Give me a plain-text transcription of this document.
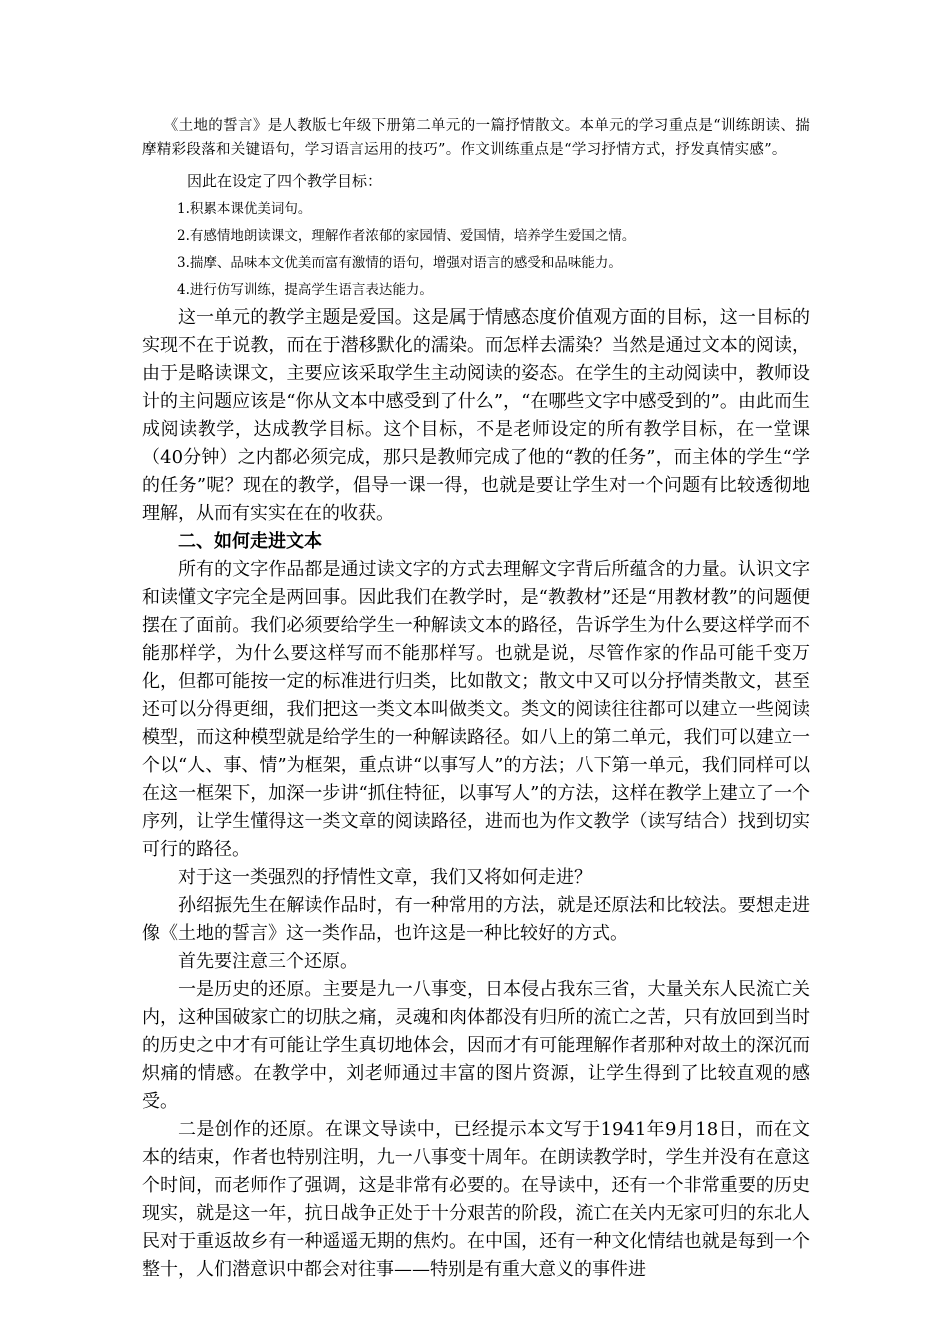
《土地的誓言》是人教版七年级下册第二单元的一篇抒情散文。本单元的学习重点是“训练朗读、揣摩精彩段落和关键语句，学习语言运用的技巧”。作文训练重点是“学习抒情方式，抒发真情实感”。

因此在设定了四个教学目标：

1.积累本课优美词句。

2.有感情地朗读课文，理解作者浓郁的家园情、爱国情，培养学生爱国之情。

3.揣摩、品味本文优美而富有激情的语句，增强对语言的感受和品味能力。

4.进行仿写训练，提高学生语言表达能力。

这一单元的教学主题是爱国。这是属于情感态度价值观方面的目标，这一目标的实现不在于说教，而在于潜移默化的濡染。而怎样去濡染？当然是通过文本的阅读，由于是略读课文，主要应该采取学生主动阅读的姿态。在学生的主动阅读中，教师设计的主问题应该是“你从文本中感受到了什么”，“在哪些文字中感受到的”。由此而生成阅读教学，达成教学目标。这个目标，不是老师设定的所有教学目标，在一堂课（40分钟）之内都必须完成，那只是教师完成了他的“教的任务”，而主体的学生“学的任务”呢？现在的教学，倡导一课一得，也就是要让学生对一个问题有比较透彻地理解，从而有实实在在的收获。

二、如何走进文本

所有的文字作品都是通过读文字的方式去理解文字背后所蕴含的力量。认识文字和读懂文字完全是两回事。因此我们在教学时，是“教教材”还是“用教材教”的问题便摆在了面前。我们必须要给学生一种解读文本的路径，告诉学生为什么要这样学而不能那样学，为什么要这样写而不能那样写。也就是说，尽管作家的作品可能千变万化，但都可能按一定的标准进行归类，比如散文；散文中又可以分抒情类散文，甚至还可以分得更细，我们把这一类文本叫做类文。类文的阅读往往都可以建立一些阅读模型，而这种模型就是给学生的一种解读路径。如八上的第二单元，我们可以建立一个以“人、事、情”为框架，重点讲“以事写人”的方法；八下第一单元，我们同样可以在这一框架下，加深一步讲“抓住特征，以事写人”的方法，这样在教学上建立了一个序列，让学生懂得这一类文章的阅读路径，进而也为作文教学（读写结合）找到切实可行的路径。

对于这一类强烈的抒情性文章，我们又将如何走进？

孙绍振先生在解读作品时，有一种常用的方法，就是还原法和比较法。要想走进像《土地的誓言》这一类作品，也许这是一种比较好的方式。

首先要注意三个还原。

一是历史的还原。主要是九一八事变，日本侵占我东三省，大量关东人民流亡关内，这种国破家亡的切肤之痛，灵魂和肉体都没有归所的流亡之苦，只有放回到当时的历史之中才有可能让学生真切地体会，因而才有可能理解作者那种对故土的深沉而炽痛的情感。在教学中，刘老师通过丰富的图片资源，让学生得到了比较直观的感受。

二是创作的还原。在课文导读中，已经提示本文写于1941年9月18日，而在文本的结束，作者也特别注明，九一八事变十周年。在朗读教学时，学生并没有在意这个时间，而老师作了强调，这是非常有必要的。在导读中，还有一个非常重要的历史现实，就是这一年，抗日战争正处于十分艰苦的阶段，流亡在关内无家可归的东北人民对于重返故乡有一种遥遥无期的焦灼。在中国，还有一种文化情结也就是每到一个整十，人们潜意识中都会对往事——特别是有重大意义的事件进
